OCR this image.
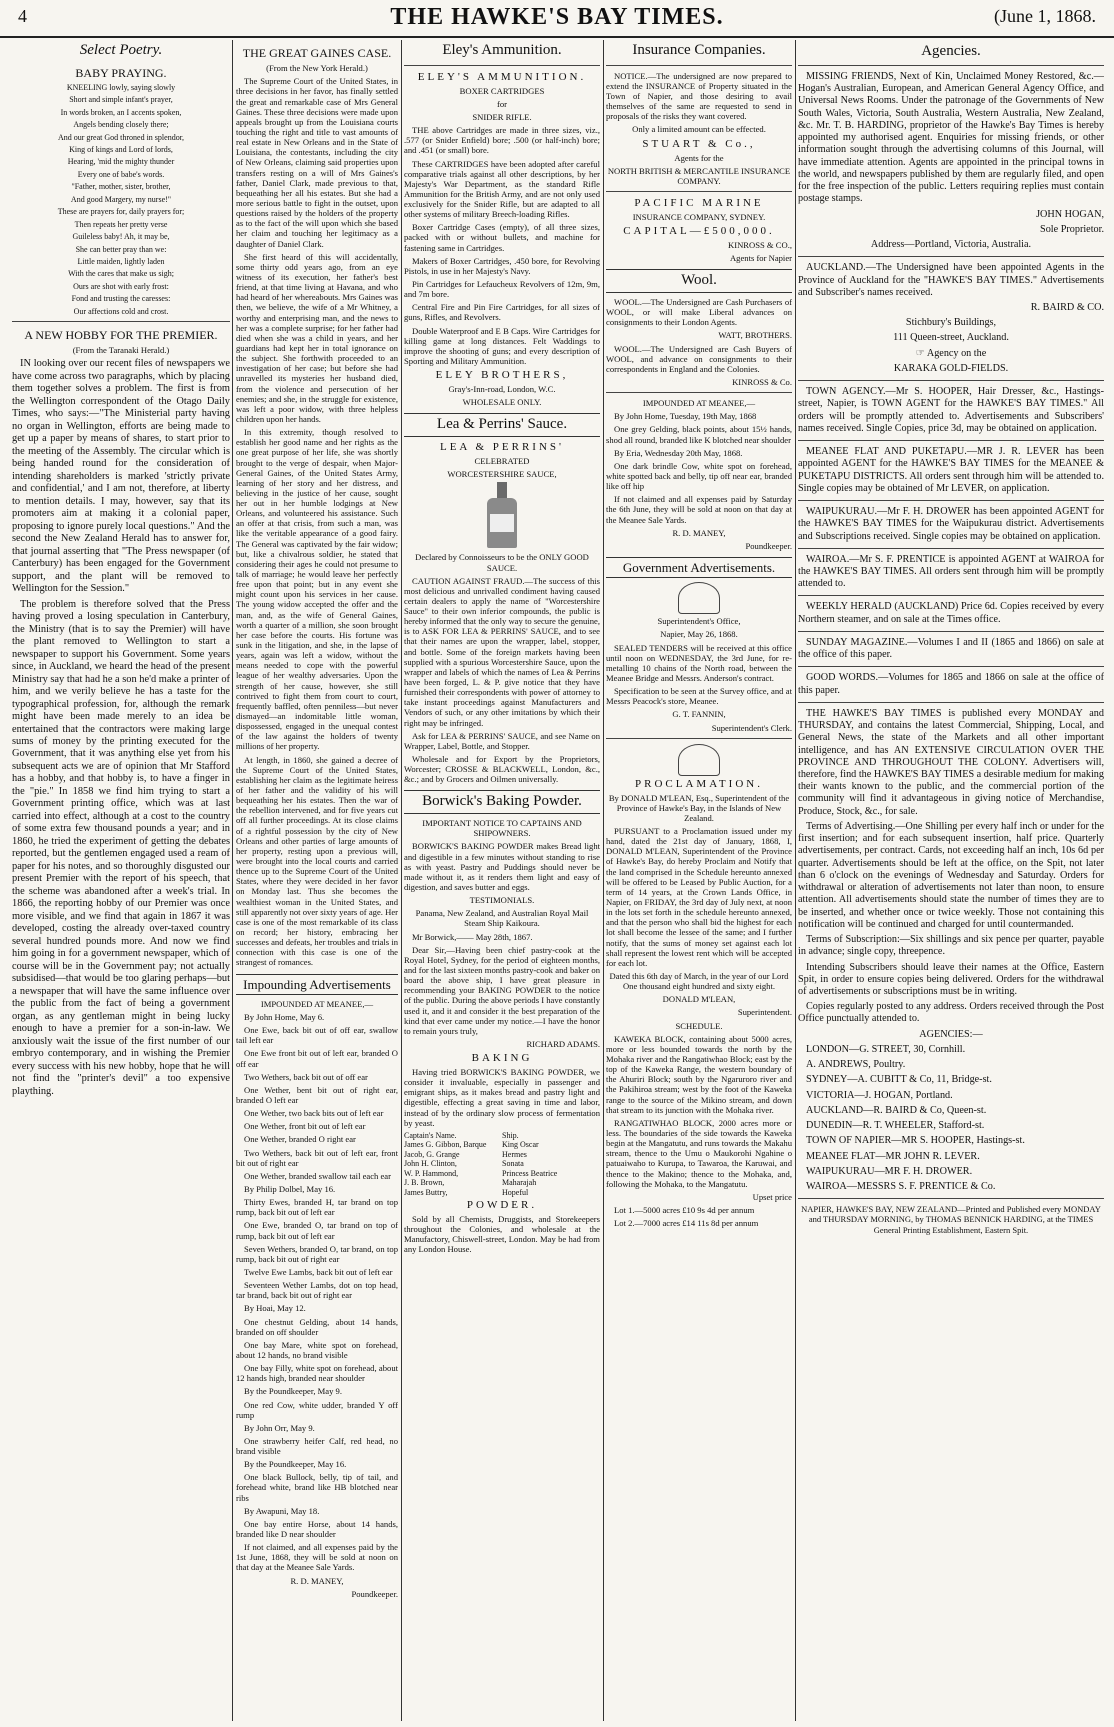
4	THE HAWKE'S BAY TIMES.	(June 1, 1868.
Select Poetry.
BABY PRAYING.

KNEELING lowly, saying slowly

Short and simple infant's prayer,

In words broken, an I accents spoken,

Angels bending closely there;

And our great God throned in splendor,

King of kings and Lord of lords,

Hearing, 'mid the mighty thunder

Every one of babe's words.

"Father, mother, sister, brother,

And good Margery, my nurse!"

These are prayers for, daily prayers for;

Then repeats her pretty verse

Guileless baby! Ah, it may be,

She can better pray than we:

Little maiden, lightly laden

With the cares that make us sigh;

Ours are shot with early frost:

Fond and trusting the caresses:

Our affections cold and crost.

A NEW HOBBY FOR THE PREMIER.

(From the Taranaki Herald.)

IN looking over our recent files of newspapers we have come across two paragraphs, which by placing them together solves a problem. The first is from the Wellington correspondent of the Otago Daily Times, who says:—"The Ministerial party having no organ in Wellington, efforts are being made to get up a paper by means of shares, to start prior to the meeting of the Assembly. The circular which is being handed round for the consideration of intending shareholders is marked 'strictly private and confidential,' and I am not, therefore, at liberty to mention details. I may, however, say that its promoters aim at making it a colonial paper, proposing to ignore purely local questions." And the second the New Zealand Herald has to answer for, that journal asserting that "The Press newspaper (of Canterbury) has been engaged for the Government support, and the plant will be removed to Wellington for the Session."

The problem is therefore solved that the Press having proved a losing speculation in Canterbury, the Ministry (that is to say the Premier) will have the plant removed to Wellington to start a newspaper to support his Government. Some years since, in Auckland, we heard the head of the present Ministry say that had he a son he'd make a printer of him, and we verily believe he has a taste for the typographical profession, for, although the remark might have been made merely to an idea be entertained that the contractors were making large sums of money by the printing executed for the Government, that it was anything else yet from his subsequent acts we are of opinion that Mr Stafford has a hobby, and that hobby is, to have a finger in the "pie." In 1858 we find him trying to start a Government printing office, which was at last carried into effect, although at a cost to the country of some extra few thousand pounds a year; and in 1860, he tried the experiment of getting the debates reported, but the gentlemen engaged used a ream of paper for his notes, and so thoroughly disgusted our present Premier with the report of his speech, that the scheme was abandoned after a week's trial. In 1866, the reporting hobby of our Premier was once more visible, and we find that again in 1867 it was developed, costing the already over-taxed country several hundred pounds more. And now we find him going in for a government newspaper, which of course will be in the Government pay; not actually subsidised—that would be too glaring perhaps—but a newspaper that will have the same influence over the public from the fact of being a government organ, as any gentleman might in being lucky enough to have a premier for a son-in-law. We anxiously wait the issue of the first number of our embryo contemporary, and in wishing the Premier every success with his new hobby, hope that he will not find the "printer's devil" a too expensive plaything.

THE GREAT GAINES CASE.

(From the New York Herald.)

The Supreme Court of the United States, in three decisions in her favor, has finally settled the great and remarkable case of Mrs General Gaines. These three decisions were made upon appeals brought up from the Louisiana courts touching the right and title to vast amounts of real estate in New Orleans and in the State of Louisiana, the contestants, including the city of New Orleans, claiming said properties upon transfers resting on a will of Mrs Gaines's father, Daniel Clark, made previous to that, bequeathing her all his estates. But she had a more serious battle to fight in the outset, upon questions raised by the holders of the property as to the fact of the will upon which she based her claim and touching her legitimacy as a daughter of Daniel Clark.

She first heard of this will accidentally, some thirty odd years ago, from an eye witness of its execution, her father's best friend, at that time living at Havana, and who had heard of her whereabouts. Mrs Gaines was then, we believe, the wife of a Mr Whitney, a worthy and enterprising man, and the news to her was a complete surprise; for her father had died when she was a child in years, and her guardians had kept her in total ignorance on the subject. She forthwith proceeded to an investigation of her case; but before she had unravelled its mysteries her husband died, from the violence and persecution of her enemies; and she, in the struggle for existence, was left a poor widow, with three helpless children upon her hands.

In this extremity, though resolved to establish her good name and her rights as the one great purpose of her life, she was shortly brought to the verge of despair, when Major-General Gaines, of the United States Army, learning of her story and her distress, and believing in the justice of her cause, sought her out in her humble lodgings at New Orleans, and volunteered his assistance. Such an offer at that crisis, from such a man, was like the veritable appearance of a good fairy. The General was captivated by the fair widow; but, like a chivalrous soldier, he stated that considering their ages he could not presume to talk of marriage; he would leave her perfectly free upon that point; but in any event she might count upon his services in her cause. The young widow accepted the offer and the man, and, as the wife of General Gaines, worth a quarter of a million, she soon brought her case before the courts. His fortune was sunk in the litigation, and she, in the lapse of years, again was left a widow, without the means needed to cope with the powerful league of her wealthy adversaries. Upon the strength of her cause, however, she still contrived to fight them from court to court, frequently baffled, often penniless—but never dismayed—an indomitable little woman, dispossessed, engaged in the unequal contest of the law against the holders of twenty millions of her property.

At length, in 1860, she gained a decree of the Supreme Court of the United States, establishing her claim as the legitimate heiress of her father and the validity of his will bequeathing her his estates. Then the war of the rebellion intervened, and for five years cut off all further proceedings. At its close claims of a rightful possession by the city of New Orleans and other parties of large amounts of her property, resting upon a previous will, were brought into the local courts and carried thence up to the Supreme Court of the United States, where they were decided in her favor on Monday last. Thus she becomes the wealthiest woman in the United States, and still apparently not over sixty years of age. Her case is one of the most remarkable of its class on record; her history, embracing her successes and defeats, her troubles and trials in connection with this case is one of the strangest of romances.

Impounding Advertisements

IMPOUNDED AT MEANEE,—

By John Home, May 6.

One Ewe, back bit out of off ear, swallow tail left ear

One Ewe front bit out of left ear, branded O off ear

Two Wethers, back bit out of off ear

One Wether, bent bit out of right ear, branded O left ear

One Wether, two back bits out of left ear

One Wether, front bit out of left ear

One Wether, branded O right ear

Two Wethers, back bit out of left ear, front bit out of right ear

One Wether, branded swallow tail each ear

By Philip Dolbel, May 16.

Thirty Ewes, branded H, tar brand on top rump, back bit out of left ear

One Ewe, branded O, tar brand on top of rump, back bit out of left ear

Seven Wethers, branded O, tar brand, on top rump, back bit out of right ear

Twelve Ewe Lambs, back bit out of left ear

Seventeen Wether Lambs, dot on top head, tar brand, back bit out of right ear

By Hoai, May 12.

One chestnut Gelding, about 14 hands, branded on off shoulder

One bay Mare, white spot on forehead, about 12 hands, no brand visible

One bay Filly, white spot on forehead, about 12 hands high, branded near shoulder

By the Poundkeeper, May 9.

One red Cow, white udder, branded Y off rump

By John Orr, May 9.

One strawberry heifer Calf, red head, no brand visible

By the Poundkeeper, May 16.

One black Bullock, belly, tip of tail, and forehead white, brand like HB blotched near ribs

By Awapuni, May 18.

One bay entire Horse, about 14 hands, branded like D near shoulder

If not claimed, and all expenses paid by the 1st June, 1868, they will be sold at noon on that day at the Meanee Sale Yards.

R. D. MANEY,

Poundkeeper.

Eley's Ammunition.
ELEY'S AMMUNITION.

BOXER CARTRIDGES

for

SNIDER RIFLE.

THE above Cartridges are made in three sizes, viz., .577 (or Snider Enfield) bore; .500 (or half-inch) bore; and .451 (or small) bore.

These CARTRIDGES have been adopted after careful comparative trials against all other descriptions, by her Majesty's War Department, as the standard Rifle Ammunition for the British Army, and are not only used exclusively for the Snider Rifle, but are adapted to all other systems of military Breech-loading Rifles.

Boxer Cartridge Cases (empty), of all three sizes, packed with or without bullets, and machine for fastening same in Cartridges.

Makers of Boxer Cartridges, .450 bore, for Revolving Pistols, in use in her Majesty's Navy.

Pin Cartridges for Lefaucheux Revolvers of 12m, 9m, and 7m bore.

Central Fire and Pin Fire Cartridges, for all sizes of guns, Rifles, and Revolvers.

Double Waterproof and E B Caps. Wire Cartridges for killing game at long distances. Felt Waddings to improve the shooting of guns; and every description of Sporting and Military Ammunition.

ELEY BROTHERS,

Gray's-Inn-road, London, W.C.

WHOLESALE ONLY.

Lea & Perrins' Sauce.
LEA & PERRINS'

CELEBRATED

WORCESTERSHIRE SAUCE,

Declared by Connoisseurs to be the ONLY GOOD SAUCE.

CAUTION AGAINST FRAUD.—The success of this most delicious and unrivalled condiment having caused certain dealers to apply the name of "Worcestershire Sauce" to their own inferior compounds, the public is hereby informed that the only way to secure the genuine, is to ASK FOR LEA & PERRINS' SAUCE, and to see that their names are upon the wrapper, label, stopper, and bottle. Some of the foreign markets having been supplied with a spurious Worcestershire Sauce, upon the wrapper and labels of which the names of Lea & Perrins have been forged, L. & P. give notice that they have furnished their correspondents with power of attorney to take instant proceedings against Manufacturers and Vendors of such, or any other imitations by which their right may be infringed.

Ask for LEA & PERRINS' SAUCE, and see Name on Wrapper, Label, Bottle, and Stopper.

Wholesale and for Export by the Proprietors, Worcester; CROSSE & BLACKWELL, London, &c., &c.; and by Grocers and Oilmen universally.

Borwick's Baking Powder.

IMPORTANT NOTICE TO CAPTAINS AND SHIPOWNERS.

BORWICK'S BAKING POWDER makes Bread light and digestible in a few minutes without standing to rise as with yeast. Pastry and Puddings should never be made without it, as it renders them light and easy of digestion, and saves butter and eggs.

TESTIMONIALS.

Panama, New Zealand, and Australian Royal Mail Steam Ship Kaikoura.

Mr Borwick,—— May 28th, 1867.

Dear Sir,—Having been chief pastry-cook at the Royal Hotel, Sydney, for the period of eighteen months, and for the last sixteen months pastry-cook and baker on board the above ship, I have great pleasure in recommending your BAKING POWDER to the notice of the public. During the above periods I have constantly used it, and it and consider it the best preparation of the kind that ever came under my notice.—I have the honor to remain yours truly,

RICHARD ADAMS.

BAKING

Having tried BORWICK'S BAKING POWDER, we consider it invaluable, especially in passenger and emigrant ships, as it makes bread and pastry light and digestible, effecting a great saving in time and labor, instead of by the ordinary slow process of fermentation by yeast.

Captain's Name.	Ship.
James G. Gibbon, Barque	King Oscar
Jacob, G. Grange	Hermes
John H. Clinton,	Sonata
W. P. Hammond,	Princess Beatrice
J. B. Brown,	Maharajah
James Buttry,	Hopeful
POWDER.

Sold by all Chemists, Druggists, and Storekeepers throughout the Colonies, and wholesale at the Manufactory, Chiswell-street, London. May be had from any London House.

Insurance Companies.

NOTICE.—The undersigned are now prepared to extend the INSURANCE of Property situated in the Town of Napier, and those desiring to avail themselves of the same are requested to send in proposals of the risks they want covered.

Only a limited amount can be effected.

STUART & Co.,

Agents for the

NORTH BRITISH & MERCANTILE INSURANCE COMPANY.

PACIFIC MARINE

INSURANCE COMPANY, SYDNEY.

CAPITAL—£500,000.

KINROSS & CO.,

Agents for Napier

Wool.

WOOL.—The Undersigned are Cash Purchasers of WOOL, or will make Liberal advances on consignments to their London Agents.

WATT, BROTHERS.

WOOL.—The Undersigned are Cash Buyers of WOOL, and advance on consignments to their correspondents in England and the Colonies.

KINROSS & Co.

IMPOUNDED AT MEANEE,—

By John Home, Tuesday, 19th May, 1868

One grey Gelding, black points, about 15½ hands, shod all round, branded like K blotched near shoulder

By Eria, Wednesday 20th May, 1868.

One dark brindle Cow, white spot on forehead, white spotted back and belly, tip off near ear, branded like off hip

If not claimed and all expenses paid by Saturday the 6th June, they will be sold at noon on that day at the Meanee Sale Yards.

R. D. MANEY,

Poundkeeper.

Government Advertisements.

Superintendent's Office,

Napier, May 26, 1868.

SEALED TENDERS will be received at this office until noon on WEDNESDAY, the 3rd June, for re-metalling 10 chains of the North road, between the Meanee Bridge and Messrs. Anderson's contract.

Specification to be seen at the Survey office, and at Messrs Peacock's store, Meanee.

G. T. FANNIN,

Superintendent's Clerk.

PROCLAMATION.

By DONALD M'LEAN, Esq., Superintendent of the Province of Hawke's Bay, in the Islands of New Zealand.

PURSUANT to a Proclamation issued under my hand, dated the 21st day of January, 1868, I, DONALD M'LEAN, Superintendent of the Province of Hawke's Bay, do hereby Proclaim and Notify that the land comprised in the Schedule hereunto annexed will be offered to be Leased by Public Auction, for a term of 14 years, at the Crown Lands Office, in Napier, on FRIDAY, the 3rd day of July next, at noon in the lots set forth in the schedule hereunto annexed, and that the person who shall bid the highest for each lot shall become the lessee of the same; and I further notify, that the sums of money set against each lot shall represent the lowest rent which will be accepted for each lot.

Dated this 6th day of March, in the year of our Lord One thousand eight hundred and sixty eight.

DONALD M'LEAN,

Superintendent.

SCHEDULE.

KAWEKA BLOCK, containing about 5000 acres, more or less bounded towards the north by the Mohaka river and the Rangatiwhao Block; east by the top of the Kaweka Range, the western boundary of the Ahuriri Block; south by the Ngaruroro river and the Pakihiroa stream; west by the foot of the Kaweka range to the source of the Mikino stream, and down that stream to its junction with the Mohaka river.

RANGATIWHAO BLOCK, 2000 acres more or less. The boundaries of the side towards the Kaweka begin at the Mangatutu, and runs towards the Makahu stream, thence to the Umu o Maukorohi Ngahine o patuaiwaho to Kurupa, to Tawaroa, the Karuwai, and thence to the Makino; thence to the Mohaka, and, following the Mohaka, to the Mangatutu.

Upset price

Lot 1.—5000 acres £10 9s 4d per annum

Lot 2.—7000 acres £14 11s 8d per annum

Agencies.

MISSING FRIENDS, Next of Kin, Unclaimed Money Restored, &c.—Hogan's Australian, European, and American General Agency Office, and Universal News Rooms. Under the patronage of the Governments of New South Wales, Victoria, South Australia, Western Australia, New Zealand, &c. Mr. T. B. HARDING, proprietor of the Hawke's Bay Times is hereby appointed my authorised agent. Enquiries for missing friends, or other information sought through the advertising columns of this Journal, will have immediate attention. Agents are appointed in the principal towns in the world, and newspapers published by them are regularly filed, and open for the free inspection of the public. Letters requiring replies must contain postage stamps.

JOHN HOGAN,

Sole Proprietor.

Address—Portland, Victoria, Australia.

AUCKLAND.—The Undersigned have been appointed Agents in the Province of Auckland for the "HAWKE'S BAY TIMES." Advertisements and Subscriber's names received.

R. BAIRD & CO.

Stichbury's Buildings,

111 Queen-street, Auckland.

☞ Agency on the

KARAKA GOLD-FIELDS.

TOWN AGENCY.—Mr S. HOOPER, Hair Dresser, &c., Hastings-street, Napier, is TOWN AGENT for the HAWKE'S BAY TIMES." All orders will be promptly attended to. Advertisements and Subscribers' names received. Single Copies, price 3d, may be obtained on application.

MEANEE FLAT AND PUKETAPU.—MR J. R. LEVER has been appointed AGENT for the HAWKE'S BAY TIMES for the MEANEE & PUKETAPU DISTRICTS. All orders sent through him will be attended to. Single copies may be obtained of Mr LEVER, on application.

WAIPUKURAU.—Mr F. H. DROWER has been appointed AGENT for the HAWKE'S BAY TIMES for the Waipukurau district. Advertisements and Subscriptions received. Single copies may be obtained on application.

WAIROA.—Mr S. F. PRENTICE is appointed AGENT at WAIROA for the HAWKE'S BAY TIMES. All orders sent through him will be promptly attended to.

WEEKLY HERALD (AUCKLAND) Price 6d. Copies received by every Northern steamer, and on sale at the Times office.

SUNDAY MAGAZINE.—Volumes I and II (1865 and 1866) on sale at the office of this paper.

GOOD WORDS.—Volumes for 1865 and 1866 on sale at the office of this paper.

THE HAWKE'S BAY TIMES is published every MONDAY and THURSDAY, and contains the latest Commercial, Shipping, Local, and General News, the state of the Markets and all other important intelligence, and has AN EXTENSIVE CIRCULATION OVER THE PROVINCE AND THROUGHOUT THE COLONY. Advertisers will, therefore, find the HAWKE'S BAY TIMES a desirable medium for making their wants known to the public, and the commercial portion of the community will find it advantageous in giving notice of Merchandise, Produce, Stock, &c., for sale.

Terms of Advertising.—One Shilling per every half inch or under for the first insertion; and for each subsequent insertion, half price. Quarterly advertisements, per contract. Cards, not exceeding half an inch, 10s 6d per quarter. Advertisements should be left at the office, on the Spit, not later than 6 o'clock on the evenings of Wednesday and Saturday. Orders for withdrawal or alteration of advertisements not later than noon, to ensure attention. All advertisements should state the number of times they are to be inserted, and whether once or twice weekly. Those not containing this notification will be continued and charged for until countermanded.

Terms of Subscription:—Six shillings and six pence per quarter, payable in advance; single copy, threepence.

Intending Subscribers should leave their names at the Office, Eastern Spit, in order to ensure copies being delivered. Orders for the withdrawal of advertisements or subscriptions must be in writing.

Copies regularly posted to any address. Orders received through the Post Office punctually attended to.

AGENCIES:—

LONDON—G. STREET, 30, Cornhill.

A. ANDREWS, Poultry.

SYDNEY—A. CUBITT & Co, 11, Bridge-st.

VICTORIA—J. HOGAN, Portland.

AUCKLAND—R. BAIRD & Co, Queen-st.

DUNEDIN—R. T. WHEELER, Stafford-st.

TOWN OF NAPIER—MR S. HOOPER, Hastings-st.

MEANEE FLAT—MR JOHN R. LEVER.

WAIPUKURAU—MR F. H. DROWER.

WAIROA—MESSRS S. F. PRENTICE & Co.

NAPIER, HAWKE'S BAY, NEW ZEALAND—Printed and Published every MONDAY and THURSDAY MORNING, by THOMAS BENNICK HARDING, at the TIMES General Printing Establishment, Eastern Spit.
